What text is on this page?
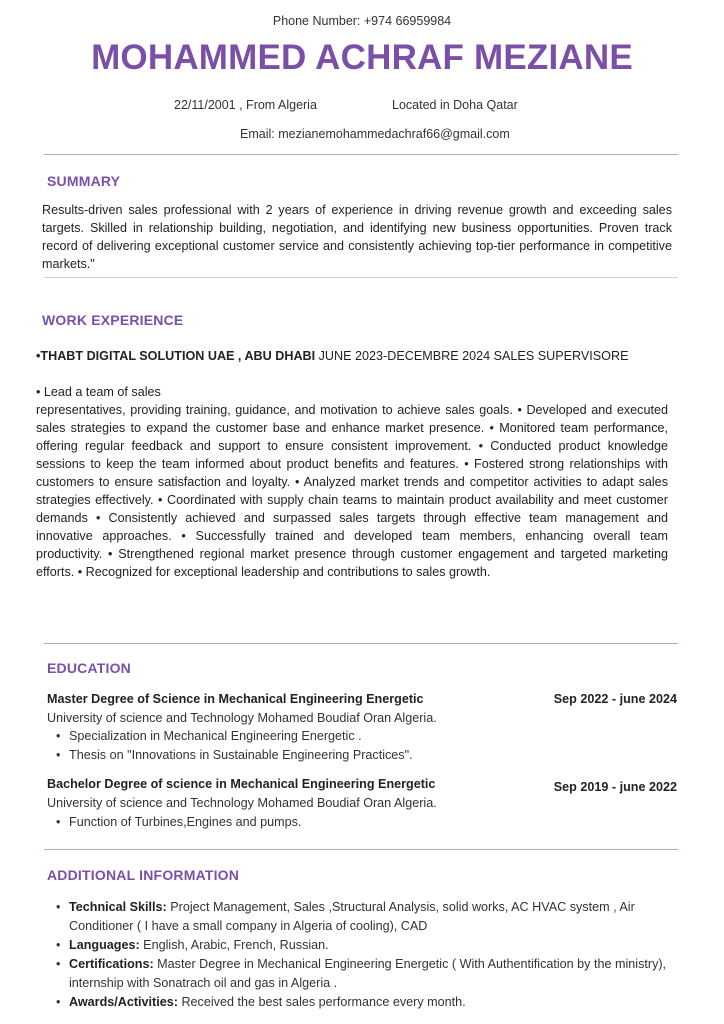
Phone Number: +974 66959984
MOHAMMED ACHRAF MEZIANE
22/11/2001 , From Algeria	Located in Doha Qatar
Email: mezianemohammedachraf66@gmail.com
SUMMARY
Results-driven sales professional with 2 years of experience in driving revenue growth and exceeding sales targets. Skilled in relationship building, negotiation, and identifying new business opportunities. Proven track record of delivering exceptional customer service and consistently achieving top-tier performance in competitive markets."
WORK EXPERIENCE
•THABT DIGITAL SOLUTION UAE , ABU DHABI JUNE 2023-DECEMBRE 2024 SALES SUPERVISORE
• Lead a team of sales
representatives, providing training, guidance, and motivation to achieve sales goals. • Developed and executed sales strategies to expand the customer base and enhance market presence. • Monitored team performance, offering regular feedback and support to ensure consistent improvement. • Conducted product knowledge sessions to keep the team informed about product benefits and features. • Fostered strong relationships with customers to ensure satisfaction and loyalty. • Analyzed market trends and competitor activities to adapt sales strategies effectively. • Coordinated with supply chain teams to maintain product availability and meet customer demands • Consistently achieved and surpassed sales targets through effective team management and innovative approaches. • Successfully trained and developed team members, enhancing overall team productivity. • Strengthened regional market presence through customer engagement and targeted marketing efforts. • Recognized for exceptional leadership and contributions to sales growth.
EDUCATION
Master Degree of Science in Mechanical Engineering Energetic	Sep 2022 - june 2024
University of science and Technology Mohamed Boudiaf Oran Algeria.
• Specialization in Mechanical Engineering Energetic .
• Thesis on "Innovations in Sustainable Engineering Practices".
Bachelor Degree of science in Mechanical Engineering Energetic	Sep 2019 - june 2022
University of science and Technology Mohamed Boudiaf Oran Algeria.
• Function of Turbines,Engines and pumps.
ADDITIONAL INFORMATION
• Technical Skills: Project Management, Sales ,Structural Analysis, solid works, AC HVAC system , Air Conditioner ( I have a small company in Algeria of cooling), CAD
• Languages: English, Arabic, French, Russian.
• Certifications: Master Degree in Mechanical Engineering Energetic ( With Authentification by the ministry), internship with Sonatrach oil and gas in Algeria .
• Awards/Activities: Received the best sales performance every month.
